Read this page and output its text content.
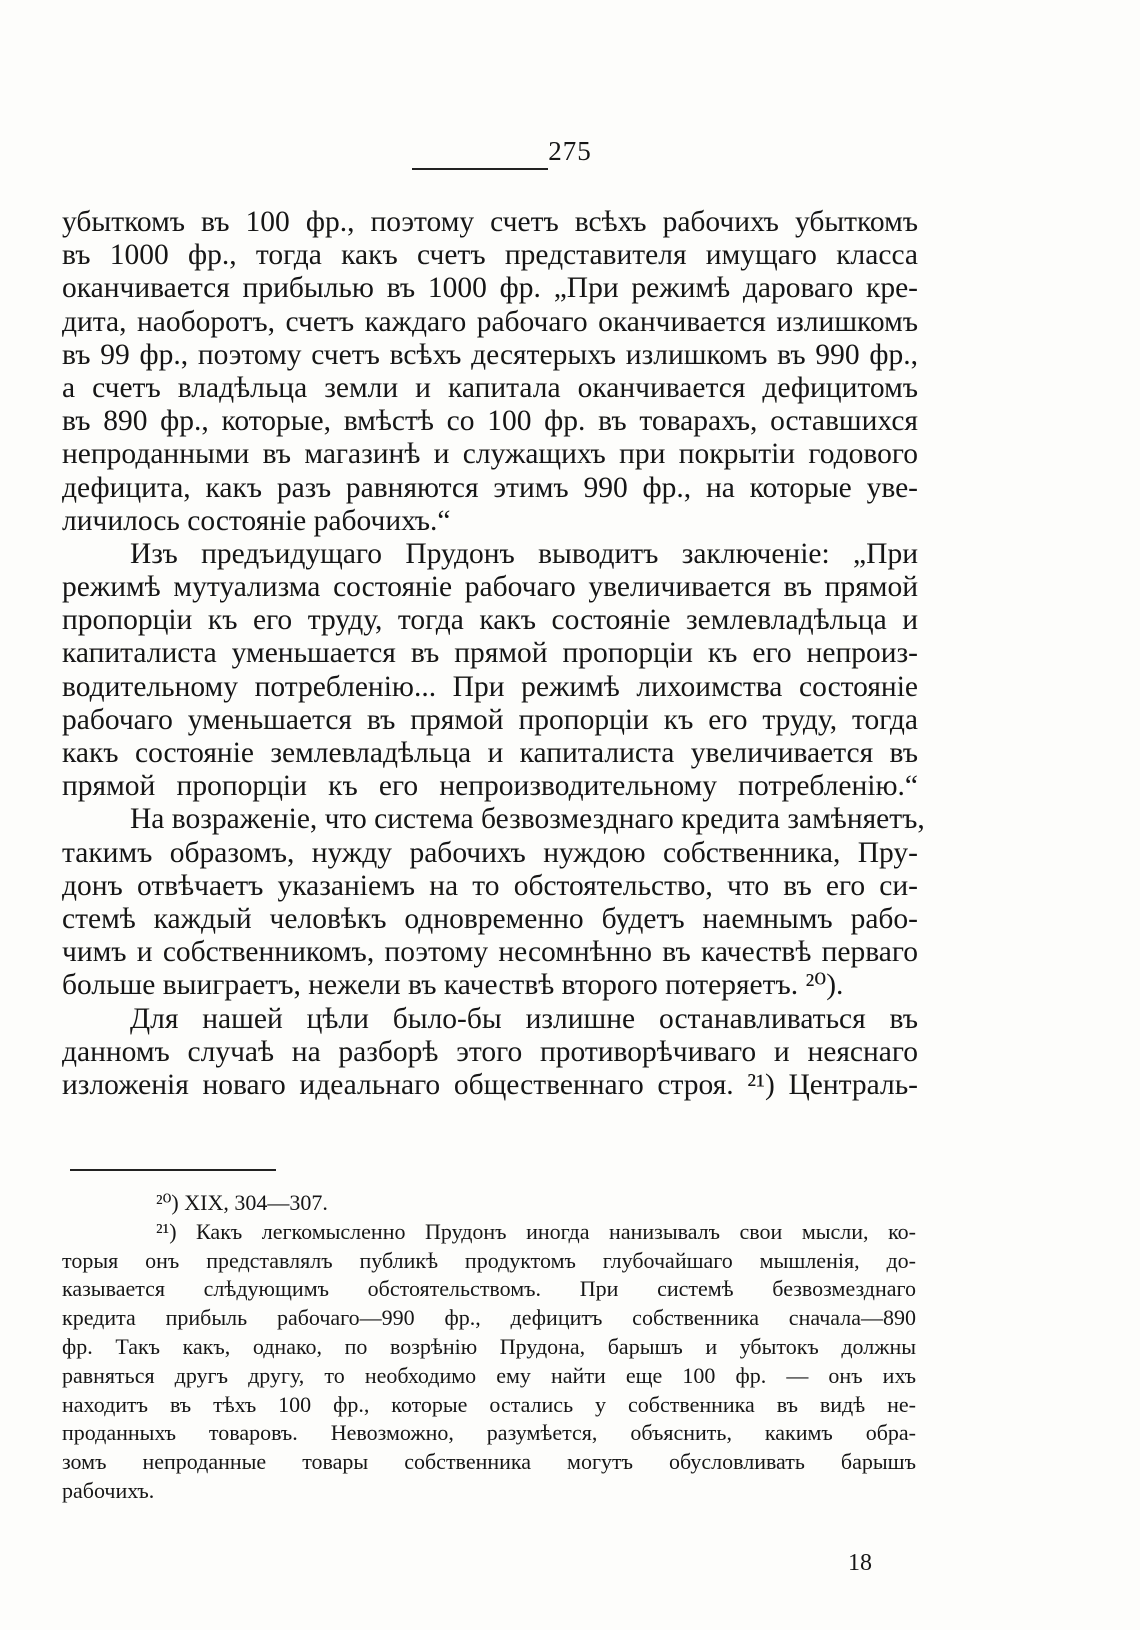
275
убыткомъ въ 100 фр., поэтому счетъ всѣхъ рабочихъ убыткомъ
въ 1000 фр., тогда какъ счетъ представителя имущаго класса
оканчивается прибылью въ 1000 фр. „При режимѣ дароваго кре-
дита, наоборотъ, счетъ каждаго рабочаго оканчивается излишкомъ
въ 99 фр., поэтому счетъ всѣхъ десятерыхъ излишкомъ въ 990 фр.,
а счетъ владѣльца земли и капитала оканчивается дефицитомъ
въ 890 фр., которые, вмѣстѣ со 100 фр. въ товарахъ, оставшихся
непроданными въ магазинѣ и служащихъ при покрытіи годового
дефицита, какъ разъ равняются этимъ 990 фр., на которые уве-
личилось состояніе рабочихъ.“
Изъ предъидущаго Прудонъ выводитъ заключеніе: „При
режимѣ мутуализма состояніе рабочаго увеличивается въ прямой
пропорціи къ его труду, тогда какъ состояніе землевладѣльца и
капиталиста уменьшается въ прямой пропорціи къ его непроиз-
водительному потребленію... При режимѣ лихоимства состояніе
рабочаго уменьшается въ прямой пропорціи къ его труду, тогда
какъ состояніе землевладѣльца и капиталиста увеличивается въ
прямой пропорціи къ его непроизводительному потребленію.“
На возраженіе, что система безвозмезднаго кредита замѣняетъ,
такимъ образомъ, нужду рабочихъ нуждою собственника, Пру-
донъ отвѣчаетъ указаніемъ на то обстоятельство, что въ его си-
стемѣ каждый человѣкъ одновременно будетъ наемнымъ рабо-
чимъ и собственникомъ, поэтому несомнѣнно въ качествѣ перваго
больше выиграетъ, нежели въ качествѣ второго потеряетъ. ²⁰).
Для нашей цѣли было-бы излишне останавливаться въ
данномъ случаѣ на разборѣ этого противорѣчиваго и неяснаго
изложенія новаго идеальнаго общественнаго строя. ²¹) Централь-
²⁰) XIX, 304—307.
²¹) Какъ легкомысленно Прудонъ иногда нанизывалъ свои мысли, ко-
торыя онъ представлялъ публикѣ продуктомъ глубочайшаго мышленія, до-
казывается слѣдующимъ обстоятельствомъ. При системѣ безвозмезднаго
кредита прибыль рабочаго—990 фр., дефицитъ собственника сначала—890
фр. Такъ какъ, однако, по возрѣнію Прудона, барышъ и убытокъ должны
равняться другъ другу, то необходимо ему найти еще 100 фр. — онъ ихъ
находитъ въ тѣхъ 100 фр., которые остались у собственника въ видѣ не-
проданныхъ товаровъ. Невозможно, разумѣется, объяснить, какимъ обра-
зомъ непроданные товары собственника могутъ обусловливать барышъ
рабочихъ.
18
